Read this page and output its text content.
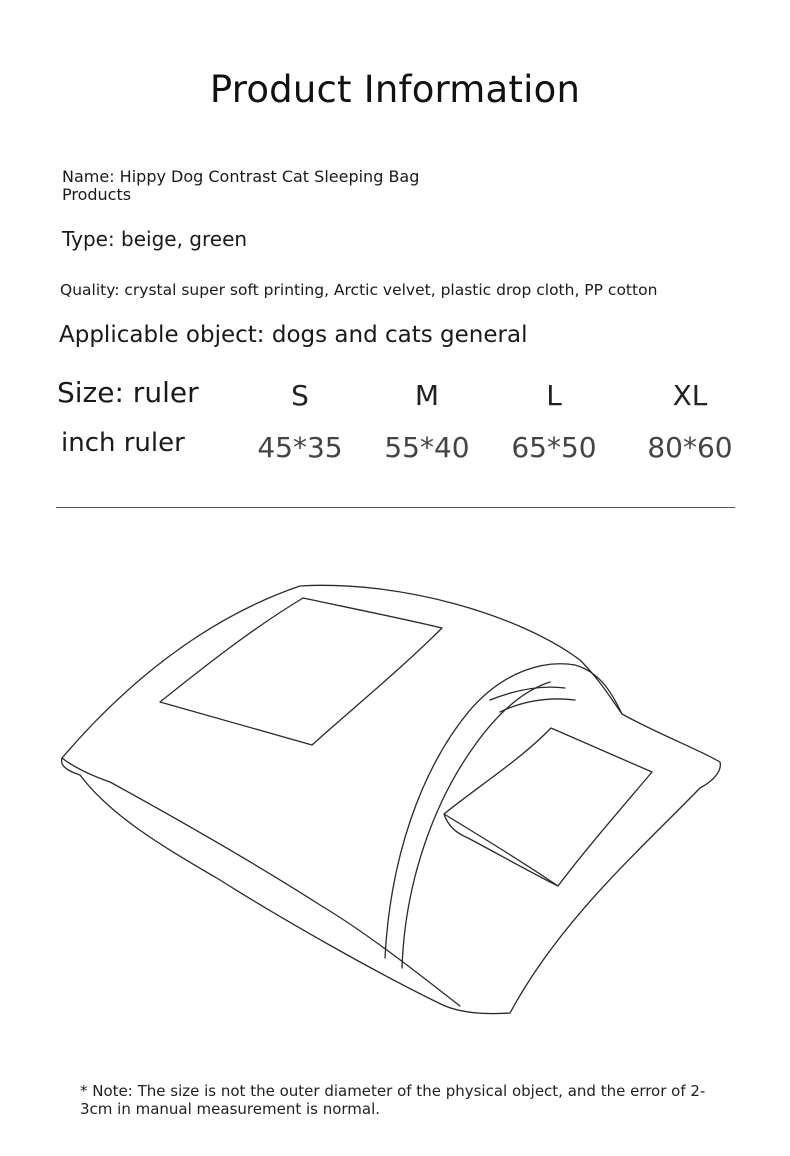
Product Information
Name: Hippy Dog Contrast Cat Sleeping Bag Products
Type: beige, green
Quality: crystal super soft printing, Arctic velvet, plastic drop cloth, PP cotton
Applicable object: dogs and cats general
Size: ruler
inch ruler
S
45*35
M
55*40
L
65*50
XL
80*60
* Note: The size is not the outer diameter of the physical object, and the error of 2-3cm in manual measurement is normal.
